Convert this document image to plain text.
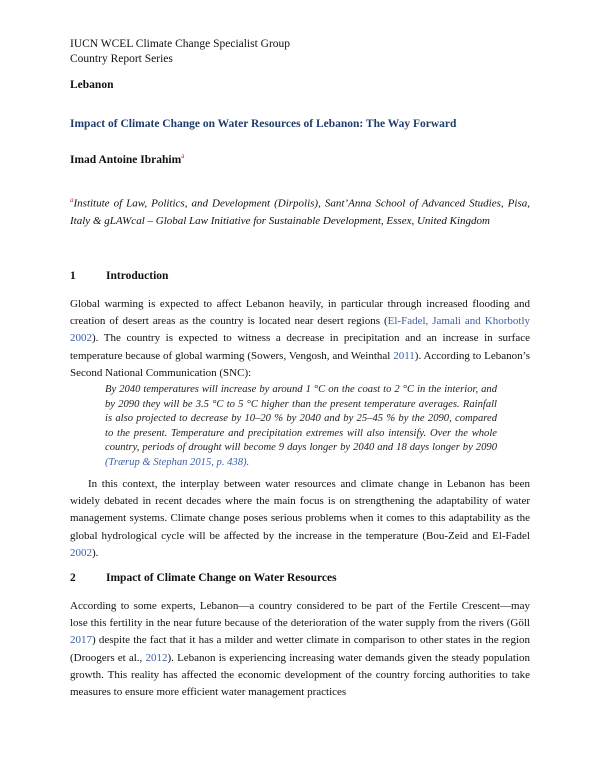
IUCN WCEL Climate Change Specialist Group
Country Report Series
Lebanon
Impact of Climate Change on Water Resources of Lebanon: The Way Forward
Imad Antoine Ibrahim$^a$
$^a$Institute of Law, Politics, and Development (Dirpolis), Sant’Anna School of Advanced Studies, Pisa, Italy & gLAWcal – Global Law Initiative for Sustainable Development, Essex, United Kingdom
1	Introduction
Global warming is expected to affect Lebanon heavily, in particular through increased flooding and creation of desert areas as the country is located near desert regions (El-Fadel, Jamali and Khorbotly 2002). The country is expected to witness a decrease in precipitation and an increase in surface temperature because of global warming (Sowers, Vengosh, and Weinthal 2011). According to Lebanon’s Second National Communication (SNC):
By 2040 temperatures will increase by around 1 °C on the coast to 2 °C in the interior, and by 2090 they will be 3.5 °C to 5 °C higher than the present temperature averages. Rainfall is also projected to decrease by 10–20 % by 2040 and by 25–45 % by the 2090, compared to the present. Temperature and precipitation extremes will also intensify. Over the whole country, periods of drought will become 9 days longer by 2040 and 18 days longer by 2090 (Trærup & Stephan 2015, p. 438).
In this context, the interplay between water resources and climate change in Lebanon has been widely debated in recent decades where the main focus is on strengthening the adaptability of water management systems. Climate change poses serious problems when it comes to this adaptability as the global hydrological cycle will be affected by the increase in the temperature (Bou-Zeid and El-Fadel 2002).
2	Impact of Climate Change on Water Resources
According to some experts, Lebanon—a country considered to be part of the Fertile Crescent—may lose this fertility in the near future because of the deterioration of the water supply from the rivers (Göll 2017) despite the fact that it has a milder and wetter climate in comparison to other states in the region (Droogers et al., 2012). Lebanon is experiencing increasing water demands given the steady population growth. This reality has affected the economic development of the country forcing authorities to take measures to ensure more efficient water management practices
